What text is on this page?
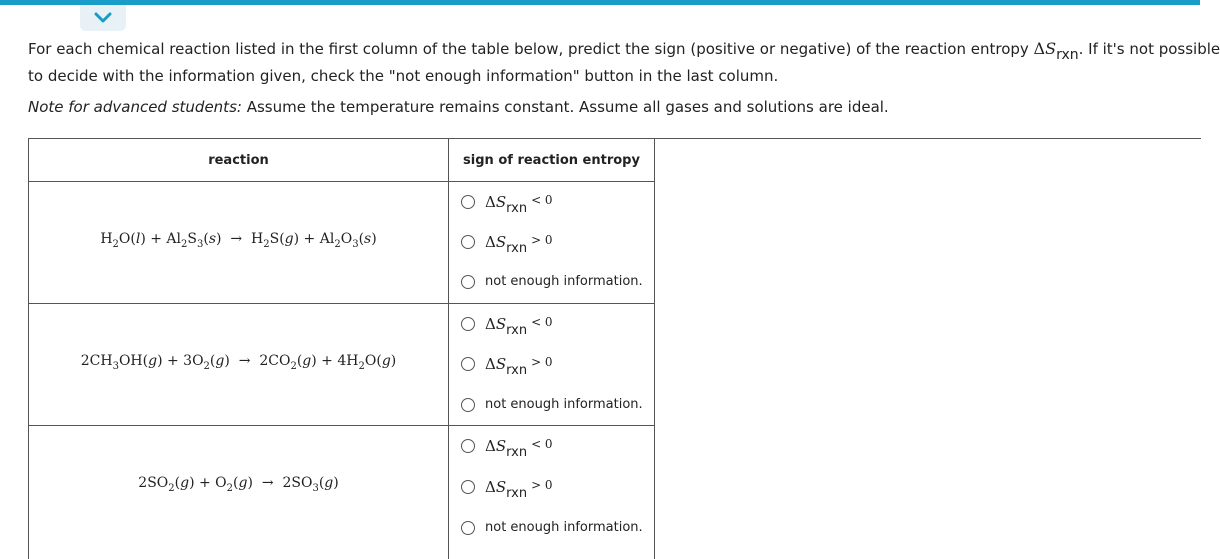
For each chemical reaction listed in the first column of the table below, predict the sign (positive or negative) of the reaction entropy ΔSrxn. If it's not possible
to decide with the information given, check the "not enough information" button in the last column.
Note for advanced students: Assume the temperature remains constant. Assume all gases and solutions are ideal.
reaction	sign of reaction entropy
$H_2O(l) + Al_2S_3(s) \to H_2S(g) + Al_2O_3(s)$
$2CH_3OH(g) + 3O_2(g) \to 2CO_2(g) + 4H_2O(g)$
$2SO_2(g) + O_2(g) \to 2SO_3(g)$
ΔSrxn$^{< 0}$
ΔSrxn$^{> 0}$
not enough information.
ΔSrxn$^{< 0}$
ΔSrxn$^{> 0}$
not enough information.
ΔSrxn$^{< 0}$
ΔSrxn$^{> 0}$
not enough information.
